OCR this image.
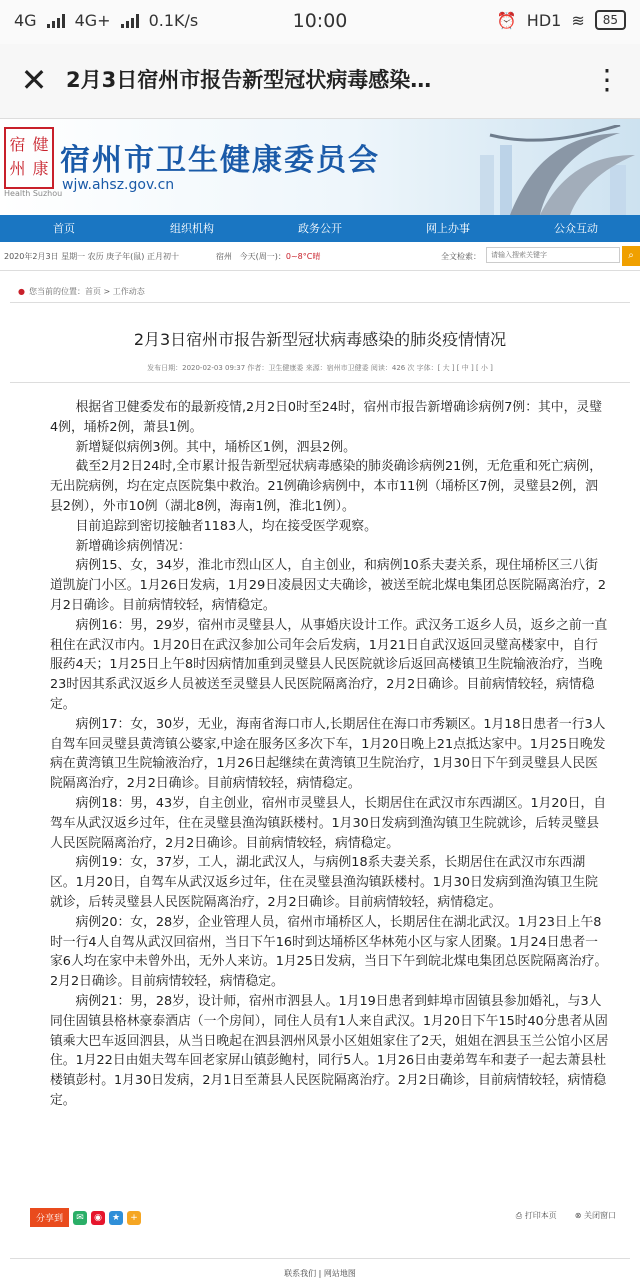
4G 4G+ 0.1K/s	10:00	⏰ HD1 ≋	85
✕ 2月3日宿州市报告新型冠状病毒感染…	⋮
宿 健
州 康
Health Suzhou
宿州市卫生健康委员会
wjw.ahsz.gov.cn
首页	组织机构	政务公开	网上办事	公众互动
2020年2月3日 星期一 农历 庚子年(鼠) 正月初十	宿州 今天(周一)：0~8°C晴	全文检索：
请输入搜索关键字	⌕
● 您当前的位置：首页 > 工作动态
2月3日宿州市报告新型冠状病毒感染的肺炎疫情情况
发布日期：2020-02-03 09:37 作者：卫生健康委 来源：宿州市卫健委 阅读：426 次 字体：[ 大 ] [ 中 ] [ 小 ]

根据省卫健委发布的最新疫情,2月2日0时至24时，宿州市报告新增确诊病例7例：其中，灵璧4例，埇桥2例，萧县1例。

新增疑似病例3例。其中，埇桥区1例，泗县2例。

截至2月2日24时,全市累计报告新型冠状病毒感染的肺炎确诊病例21例，无危重和死亡病例，无出院病例，均在定点医院集中救治。21例确诊病例中，本市11例（埇桥区7例，灵璧县2例，泗县2例），外市10例（湖北8例，海南1例，淮北1例）。

目前追踪到密切接触者1183人，均在接受医学观察。

新增确诊病例情况：

病例15、女，34岁，淮北市烈山区人，自主创业，和病例10系夫妻关系，现住埇桥区三八街道凯旋门小区。1月26日发病，1月29日凌晨因丈夫确诊，被送至皖北煤电集团总医院隔离治疗，2月2日确诊。目前病情较轻，病情稳定。

病例16：男，29岁，宿州市灵璧县人，从事婚庆设计工作。武汉务工返乡人员，返乡之前一直租住在武汉市内。1月20日在武汉参加公司年会后发病，1月21日自武汉返回灵璧高楼家中，自行服药4天；1月25日上午8时因病情加重到灵璧县人民医院就诊后返回高楼镇卫生院输液治疗，当晚23时因其系武汉返乡人员被送至灵璧县人民医院隔离治疗，2月2日确诊。目前病情较轻，病情稳定。

病例17：女，30岁，无业，海南省海口市人,长期居住在海口市秀颖区。1月18日患者一行3人自驾车回灵璧县黄湾镇公婆家,中途在服务区多次下车，1月20日晚上21点抵达家中。1月25日晚发病在黄湾镇卫生院输液治疗，1月26日起继续在黄湾镇卫生院治疗，1月30日下午到灵璧县人民医院隔离治疗，2月2日确诊。目前病情较轻，病情稳定。

病例18：男，43岁，自主创业，宿州市灵璧县人，长期居住在武汉市东西湖区。1月20日，自驾车从武汉返乡过年，住在灵璧县渔沟镇跃楼村。1月30日发病到渔沟镇卫生院就诊，后转灵璧县人民医院隔离治疗，2月2日确诊。目前病情较轻，病情稳定。

病例19：女，37岁，工人，湖北武汉人，与病例18系夫妻关系，长期居住在武汉市东西湖区。1月20日，自驾车从武汉返乡过年，住在灵璧县渔沟镇跃楼村。1月30日发病到渔沟镇卫生院就诊，后转灵璧县人民医院隔离治疗，2月2日确诊。目前病情较轻，病情稳定。

病例20：女，28岁，企业管理人员，宿州市埇桥区人，长期居住在湖北武汉。1月23日上午8时一行4人自驾从武汉回宿州，当日下午16时到达埇桥区华林苑小区与家人团聚。1月24日患者一家6人均在家中未曾外出，无外人来访。1月25日发病，当日下午到皖北煤电集团总医院隔离治疗。2月2日确诊。目前病情较轻，病情稳定。

病例21：男，28岁，设计师，宿州市泗县人。1月19日患者到蚌埠市固镇县参加婚礼，与3人同住固镇县格林豪泰酒店（一个房间），同住人员有1人来自武汉。1月20日下午15时40分患者从固镇乘大巴车返回泗县，从当日晚起在泗县泗州风景小区姐姐家住了2天，姐姐在泗县玉兰公馆小区居住。1月22日由姐夫驾车回老家屏山镇彭鲍村，同行5人。1月26日由妻弟驾车和妻子一起去萧县杜楼镇彭村。1月30日发病，2月1日至萧县人民医院隔离治疗。2月2日确诊，目前病情较轻，病情稳定。

分享到	✉	◉	★	+	⎙ 打印本页 ⊗ 关闭窗口
联系我们 | 网站地图
